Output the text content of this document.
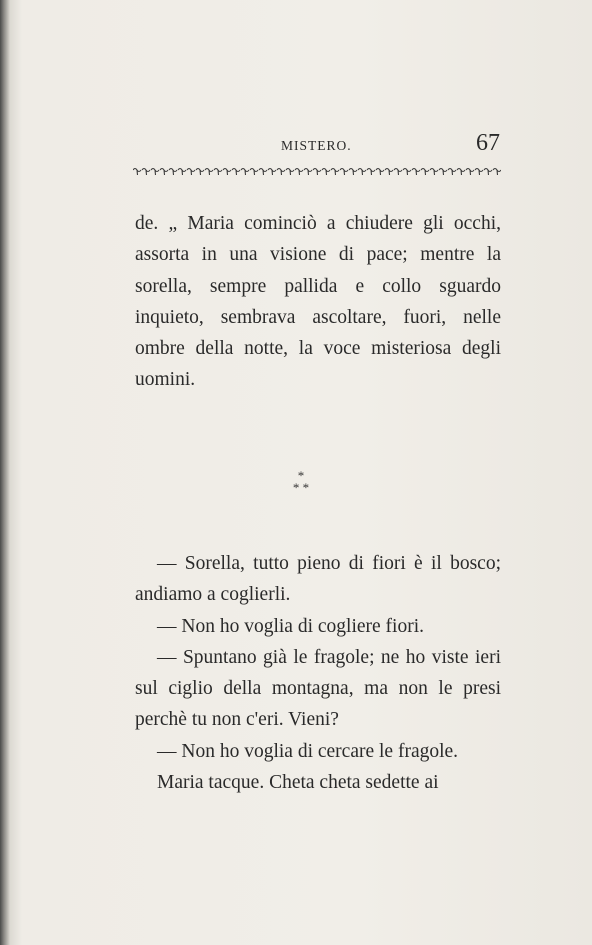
MISTERO.	67

de. „ Maria cominciò a chiudere gli occhi, assorta in una visione di pace; mentre la sorella, sempre pallida e collo sguardo inquieto, sembrava ascoltare, fuori, nelle ombre della notte, la voce misteriosa degli uomini.

*
* *

— Sorella, tutto pieno di fiori è il bosco; andiamo a coglierli.

— Non ho voglia di cogliere fiori.

— Spuntano già le fragole; ne ho viste ieri sul ciglio della montagna, ma non le presi perchè tu non c'eri. Vieni?

— Non ho voglia di cercare le fragole.

Maria tacque. Cheta cheta sedette ai
